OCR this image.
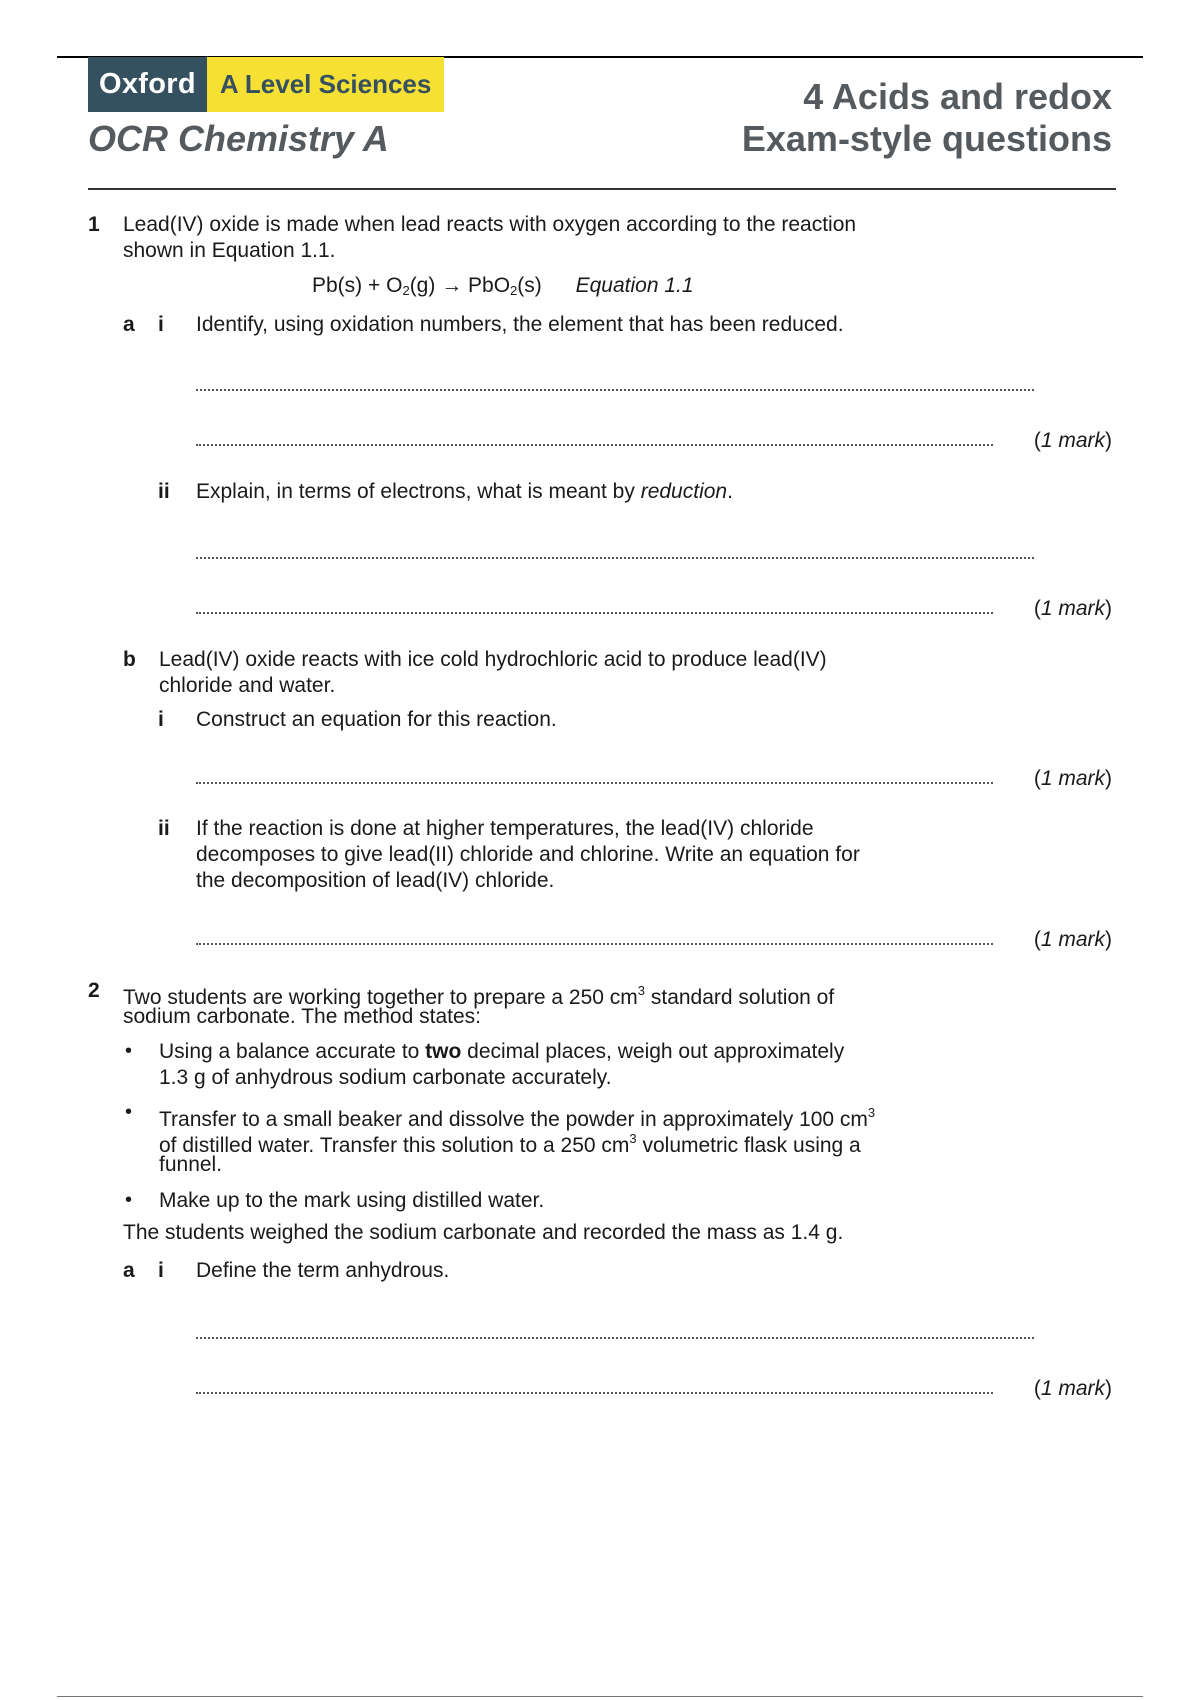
Oxford A Level Sciences
OCR Chemistry A
4 Acids and redox
Exam-style questions
1 Lead(IV) oxide is made when lead reacts with oxygen according to the reaction
shown in Equation 1.1.
$Pb(s) + O_2(g) \to PbO_2(s)$ Equation 1.1
a i Identify, using oxidation numbers, the element that has been reduced.
(1 mark)
ii Explain, in terms of electrons, what is meant by reduction.
(1 mark)
b Lead(IV) oxide reacts with ice cold hydrochloric acid to produce lead(IV)
chloride and water.
i Construct an equation for this reaction.
(1 mark)
ii If the reaction is done at higher temperatures, the lead(IV) chloride
decomposes to give lead(II) chloride and chlorine. Write an equation for
the decomposition of lead(IV) chloride.
(1 mark)
2 Two students are working together to prepare a 250 $cm^3$ standard solution of
sodium carbonate. The method states:
• Using a balance accurate to two decimal places, weigh out approximately
1.3 g of anhydrous sodium carbonate accurately.
• Transfer to a small beaker and dissolve the powder in approximately 100 $cm^3$
of distilled water. Transfer this solution to a 250 $cm^3$ volumetric flask using a
funnel.
• Make up to the mark using distilled water.
The students weighed the sodium carbonate and recorded the mass as 1.4 g.
a i Define the term anhydrous.
(1 mark)
